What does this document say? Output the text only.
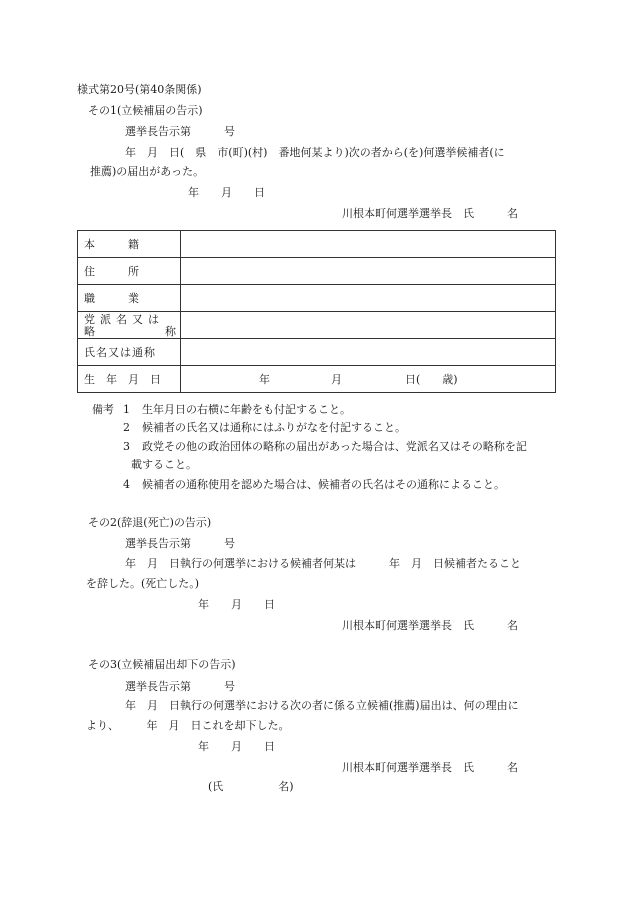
様式第20号(第40条関係)
その1(立候補届の告示)
選挙長告示第　　　号
年　月　日(　県　市(町)(村)　番地何某より)次の者から(を)何選挙候補者(に
推薦)の届出があった。
年　　月　　日
川根本町何選挙選挙長　氏　　　名
本　　　籍	
住　　　所	
職　　　業	

党派名又は
略 称	

氏名又は通称	
生　年　月　日	年 月 日(　　歳)
備考 1 生年月日の右横に年齢をも付記すること。
2 候補者の氏名又は通称にはふりがなを付記すること。
3 政党その他の政治団体の略称の届出があった場合は、党派名又はその略称を記
載すること。
4 候補者の通称使用を認めた場合は、候補者の氏名はその通称によること。
その2(辞退(死亡)の告示)
選挙長告示第　　　号
年　月　日執行の何選挙における候補者何某は　　　年　月　日候補者たること
を辞した。(死亡した。)
年　　月　　日
川根本町何選挙選挙長　氏　　　名
その3(立候補届出却下の告示)
選挙長告示第　　　号
年　月　日執行の何選挙における次の者に係る立候補(推薦)届出は、何の理由に
より、　　　年　月　日これを却下した。
年　　月　　日
川根本町何選挙選挙長　氏　　　名
(氏　　　　　名)
